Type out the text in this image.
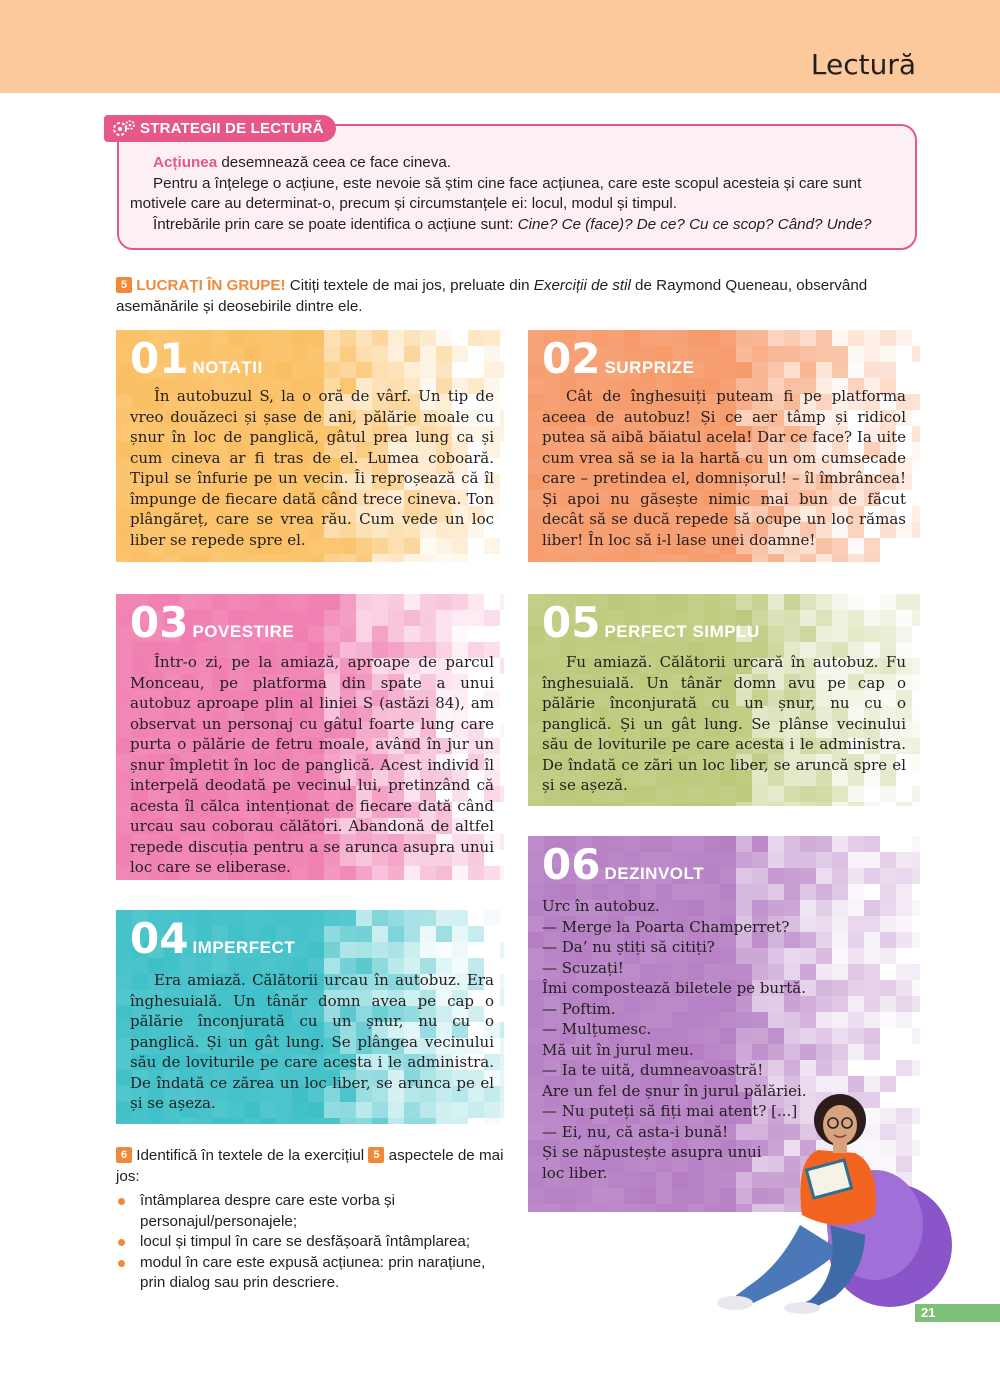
Lectură
STRATEGII DE LECTURĂ

Acțiunea desemnează ceea ce face cineva.

Pentru a înțelege o acțiune, este nevoie să știm cine face acțiunea, care este scopul acesteia și care sunt motivele care au determinat-o, precum și circumstanțele ei: locul, modul și timpul.

Întrebările prin care se poate identifica o acțiune sunt: Cine? Ce (face)? De ce? Cu ce scop? Când? Unde?

5 LUCRAȚI ÎN GRUPE! Citiți textele de mai jos, preluate din Exerciții de stil de Raymond Queneau, observând asemănările și deosebirile dintre ele.
01 NOTAȚII

În autobuzul S, la o oră de vârf. Un tip de vreo douăzeci și șase de ani, pălărie moale cu șnur în loc de panglică, gâtul prea lung ca și cum cineva ar fi tras de el. Lumea coboară. Tipul se înfurie pe un vecin. Îi reproșează că îl împunge de fiecare dată când trece cineva. Ton plângăreț, care se vrea rău. Cum vede un loc liber se repede spre el.

02 SURPRIZE

Cât de înghesuiți puteam fi pe platforma aceea de autobuz! Și ce aer tâmp și ridicol putea să aibă băiatul acela! Dar ce face? Ia uite cum vrea să se ia la hartă cu un om cumsecade care – pretindea el, domnișorul! – îl îmbrâncea! Și apoi nu găsește nimic mai bun de făcut decât să se ducă repede să ocupe un loc rămas liber! În loc să i-l lase unei doamne!

03 POVESTIRE

Într-o zi, pe la amiază, aproape de parcul Monceau, pe platforma din spate a unui autobuz aproape plin al liniei S (astăzi 84), am observat un personaj cu gâtul foarte lung care purta o pălărie de fetru moale, având în jur un șnur împletit în loc de panglică. Acest individ îl interpelă deodată pe vecinul lui, pretinzând că acesta îl călca intenționat de fiecare dată când urcau sau coborau călători. Abandonă de altfel repede discuția pentru a se arunca asupra unui loc care se eliberase.

05 PERFECT SIMPLU

Fu amiază. Călătorii urcară în autobuz. Fu înghesuială. Un tânăr domn avu pe cap o pălărie înconjurată cu un șnur, nu cu o panglică. Și un gât lung. Se plânse vecinului său de loviturile pe care acesta i le administra. De îndată ce zări un loc liber, se aruncă spre el și se așeză.

04 IMPERFECT

Era amiază. Călătorii urcau în autobuz. Era înghesuială. Un tânăr domn avea pe cap o pălărie înconjurată cu un șnur, nu cu o panglică. Și un gât lung. Se plângea vecinului său de loviturile pe care acesta i le administra. De îndată ce zărea un loc liber, se arunca pe el și se așeza.

06 DEZINVOLT

Urc în autobuz.

— Merge la Poarta Champerret?

— Da’ nu știți să citiți?

— Scuzați!

Îmi compostează biletele pe burtă.

— Poftim.

— Mulțumesc.

Mă uit în jurul meu.

— Ia te uită, dumneavoastră!

Are un fel de șnur în jurul pălăriei.

— Nu puteți să fiți mai atent? [...]

— Ei, nu, că asta-i bună!

Și se năpustește asupra unui

loc liber.

6 Identifică în textele de la exercițiul 5 aspectele de mai jos:
întâmplarea despre care este vorba și personajul/personajele;
locul și timpul în care se desfășoară întâmplarea;
modul în care este expusă acțiunea: prin narațiune, prin dialog sau prin descriere.
21
